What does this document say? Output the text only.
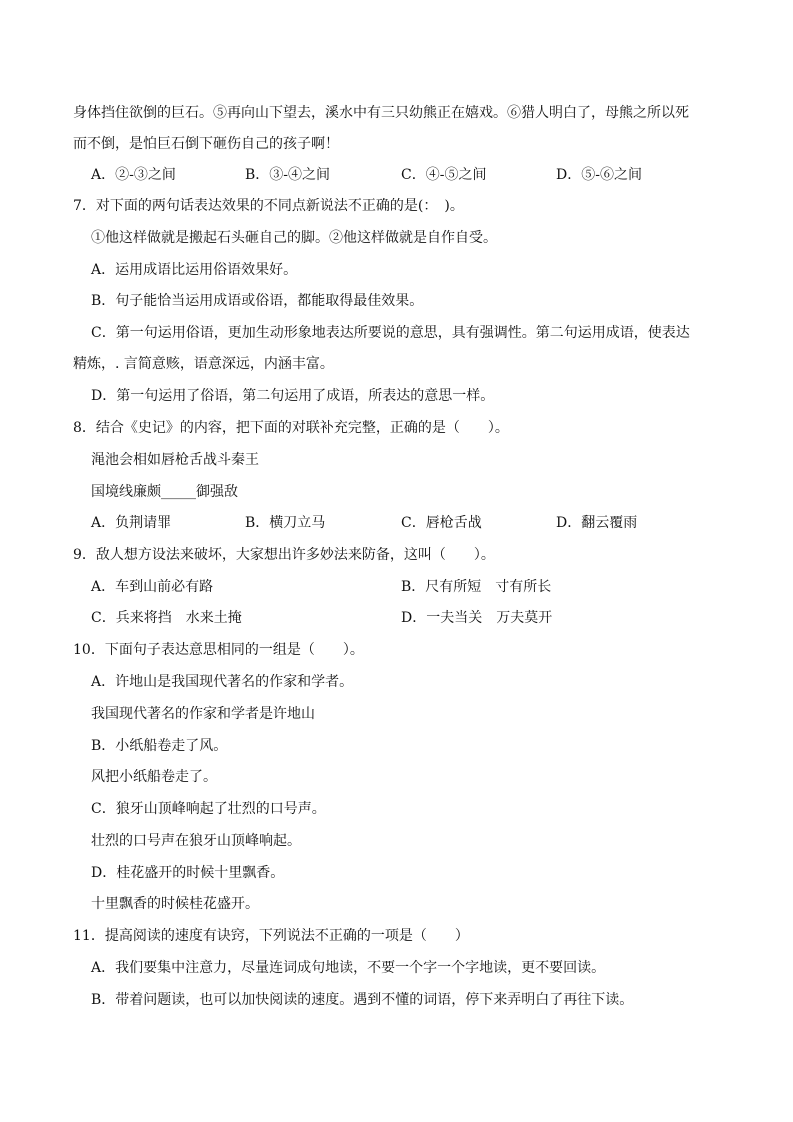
身体挡住欲倒的巨石。⑤再向山下望去，溪水中有三只幼熊正在嬉戏。⑥猎人明白了，母熊之所以死
而不倒，是怕巨石倒下砸伤自己的孩子啊！
A．②-③之间	B．③-④之间	C．④-⑤之间	D．⑤-⑥之间
7．对下面的两句话表达效果的不同点新说法不正确的是(：　)。
①他这样做就是搬起石头砸自己的脚。②他这样做就是自作自受。
A．运用成语比运用俗语效果好。
B．句子能恰当运用成语或俗语，都能取得最佳效果。
C．第一句运用俗语，更加生动形象地表达所要说的意思，具有强调性。第二句运用成语，使表达
精炼，. 言简意赅，语意深远，内涵丰富。
D．第一句运用了俗语，第二句运用了成语，所表达的意思一样。
8．结合《史记》的内容，把下面的对联补充完整，正确的是（　　）。
渑池会相如唇枪舌战斗秦王
国境线廉颇_____御强敌
A．负荆请罪	B．横刀立马	C．唇枪舌战	D．翻云覆雨
9．敌人想方设法来破坏，大家想出许多妙法来防备，这叫（　　）。
A．车到山前必有路	B．尺有所短　寸有所长
C．兵来将挡　水来土掩	D．一夫当关　万夫莫开
10．下面句子表达意思相同的一组是（　　）。
A．许地山是我国现代著名的作家和学者。
我国现代著名的作家和学者是许地山
B．小纸船卷走了风。
风把小纸船卷走了。
C．狼牙山顶峰响起了壮烈的口号声。
壮烈的口号声在狼牙山顶峰响起。
D．桂花盛开的时候十里飘香。
十里飘香的时候桂花盛开。
11．提高阅读的速度有诀窍，下列说法不正确的一项是（　　）
A．我们要集中注意力，尽量连词成句地读，不要一个字一个字地读，更不要回读。
B．带着问题读，也可以加快阅读的速度。遇到不懂的词语，停下来弄明白了再往下读。
